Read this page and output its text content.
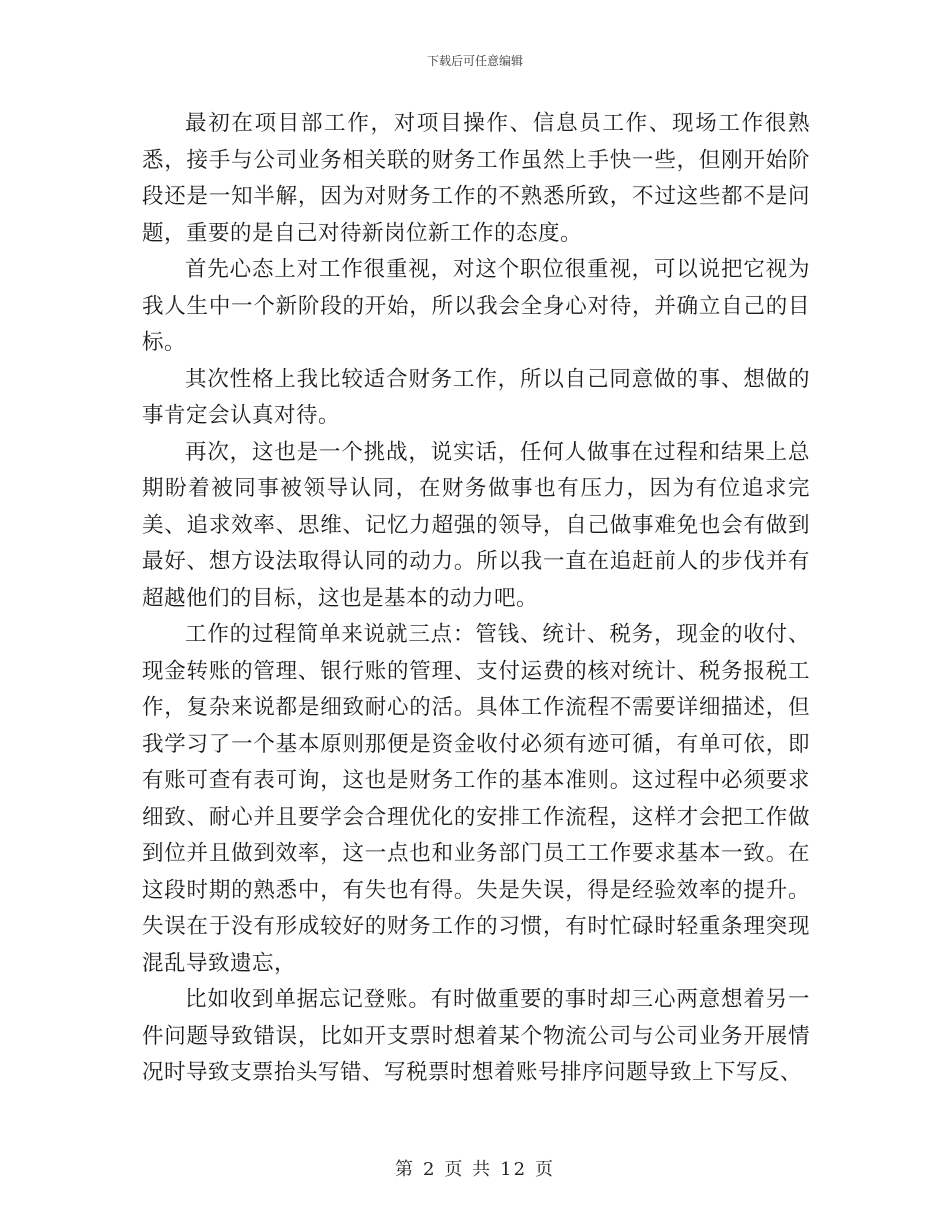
下载后可任意编辑

最初在项目部工作，对项目操作、信息员工作、现场工作很熟悉，接手与公司业务相关联的财务工作虽然上手快一些，但刚开始阶段还是一知半解，因为对财务工作的不熟悉所致，不过这些都不是问题，重要的是自己对待新岗位新工作的态度。

首先心态上对工作很重视，对这个职位很重视，可以说把它视为我人生中一个新阶段的开始，所以我会全身心对待，并确立自己的目标。

其次性格上我比较适合财务工作，所以自己同意做的事、想做的事肯定会认真对待。

再次，这也是一个挑战，说实话，任何人做事在过程和结果上总期盼着被同事被领导认同，在财务做事也有压力，因为有位追求完美、追求效率、思维、记忆力超强的领导，自己做事难免也会有做到最好、想方设法取得认同的动力。所以我一直在追赶前人的步伐并有超越他们的目标，这也是基本的动力吧。

工作的过程简单来说就三点：管钱、统计、税务，现金的收付、现金转账的管理、银行账的管理、支付运费的核对统计、税务报税工作，复杂来说都是细致耐心的活。具体工作流程不需要详细描述，但我学习了一个基本原则那便是资金收付必须有迹可循，有单可依，即有账可查有表可询，这也是财务工作的基本准则。这过程中必须要求细致、耐心并且要学会合理优化的安排工作流程，这样才会把工作做到位并且做到效率，这一点也和业务部门员工工作要求基本一致。在这段时期的熟悉中，有失也有得。失是失误，得是经验效率的提升。失误在于没有形成较好的财务工作的习惯，有时忙碌时轻重条理突现混乱导致遗忘，

比如收到单据忘记登账。有时做重要的事时却三心两意想着另一件问题导致错误，比如开支票时想着某个物流公司与公司业务开展情况时导致支票抬头写错、写税票时想着账号排序问题导致上下写反、

第 2 页 共 12 页
